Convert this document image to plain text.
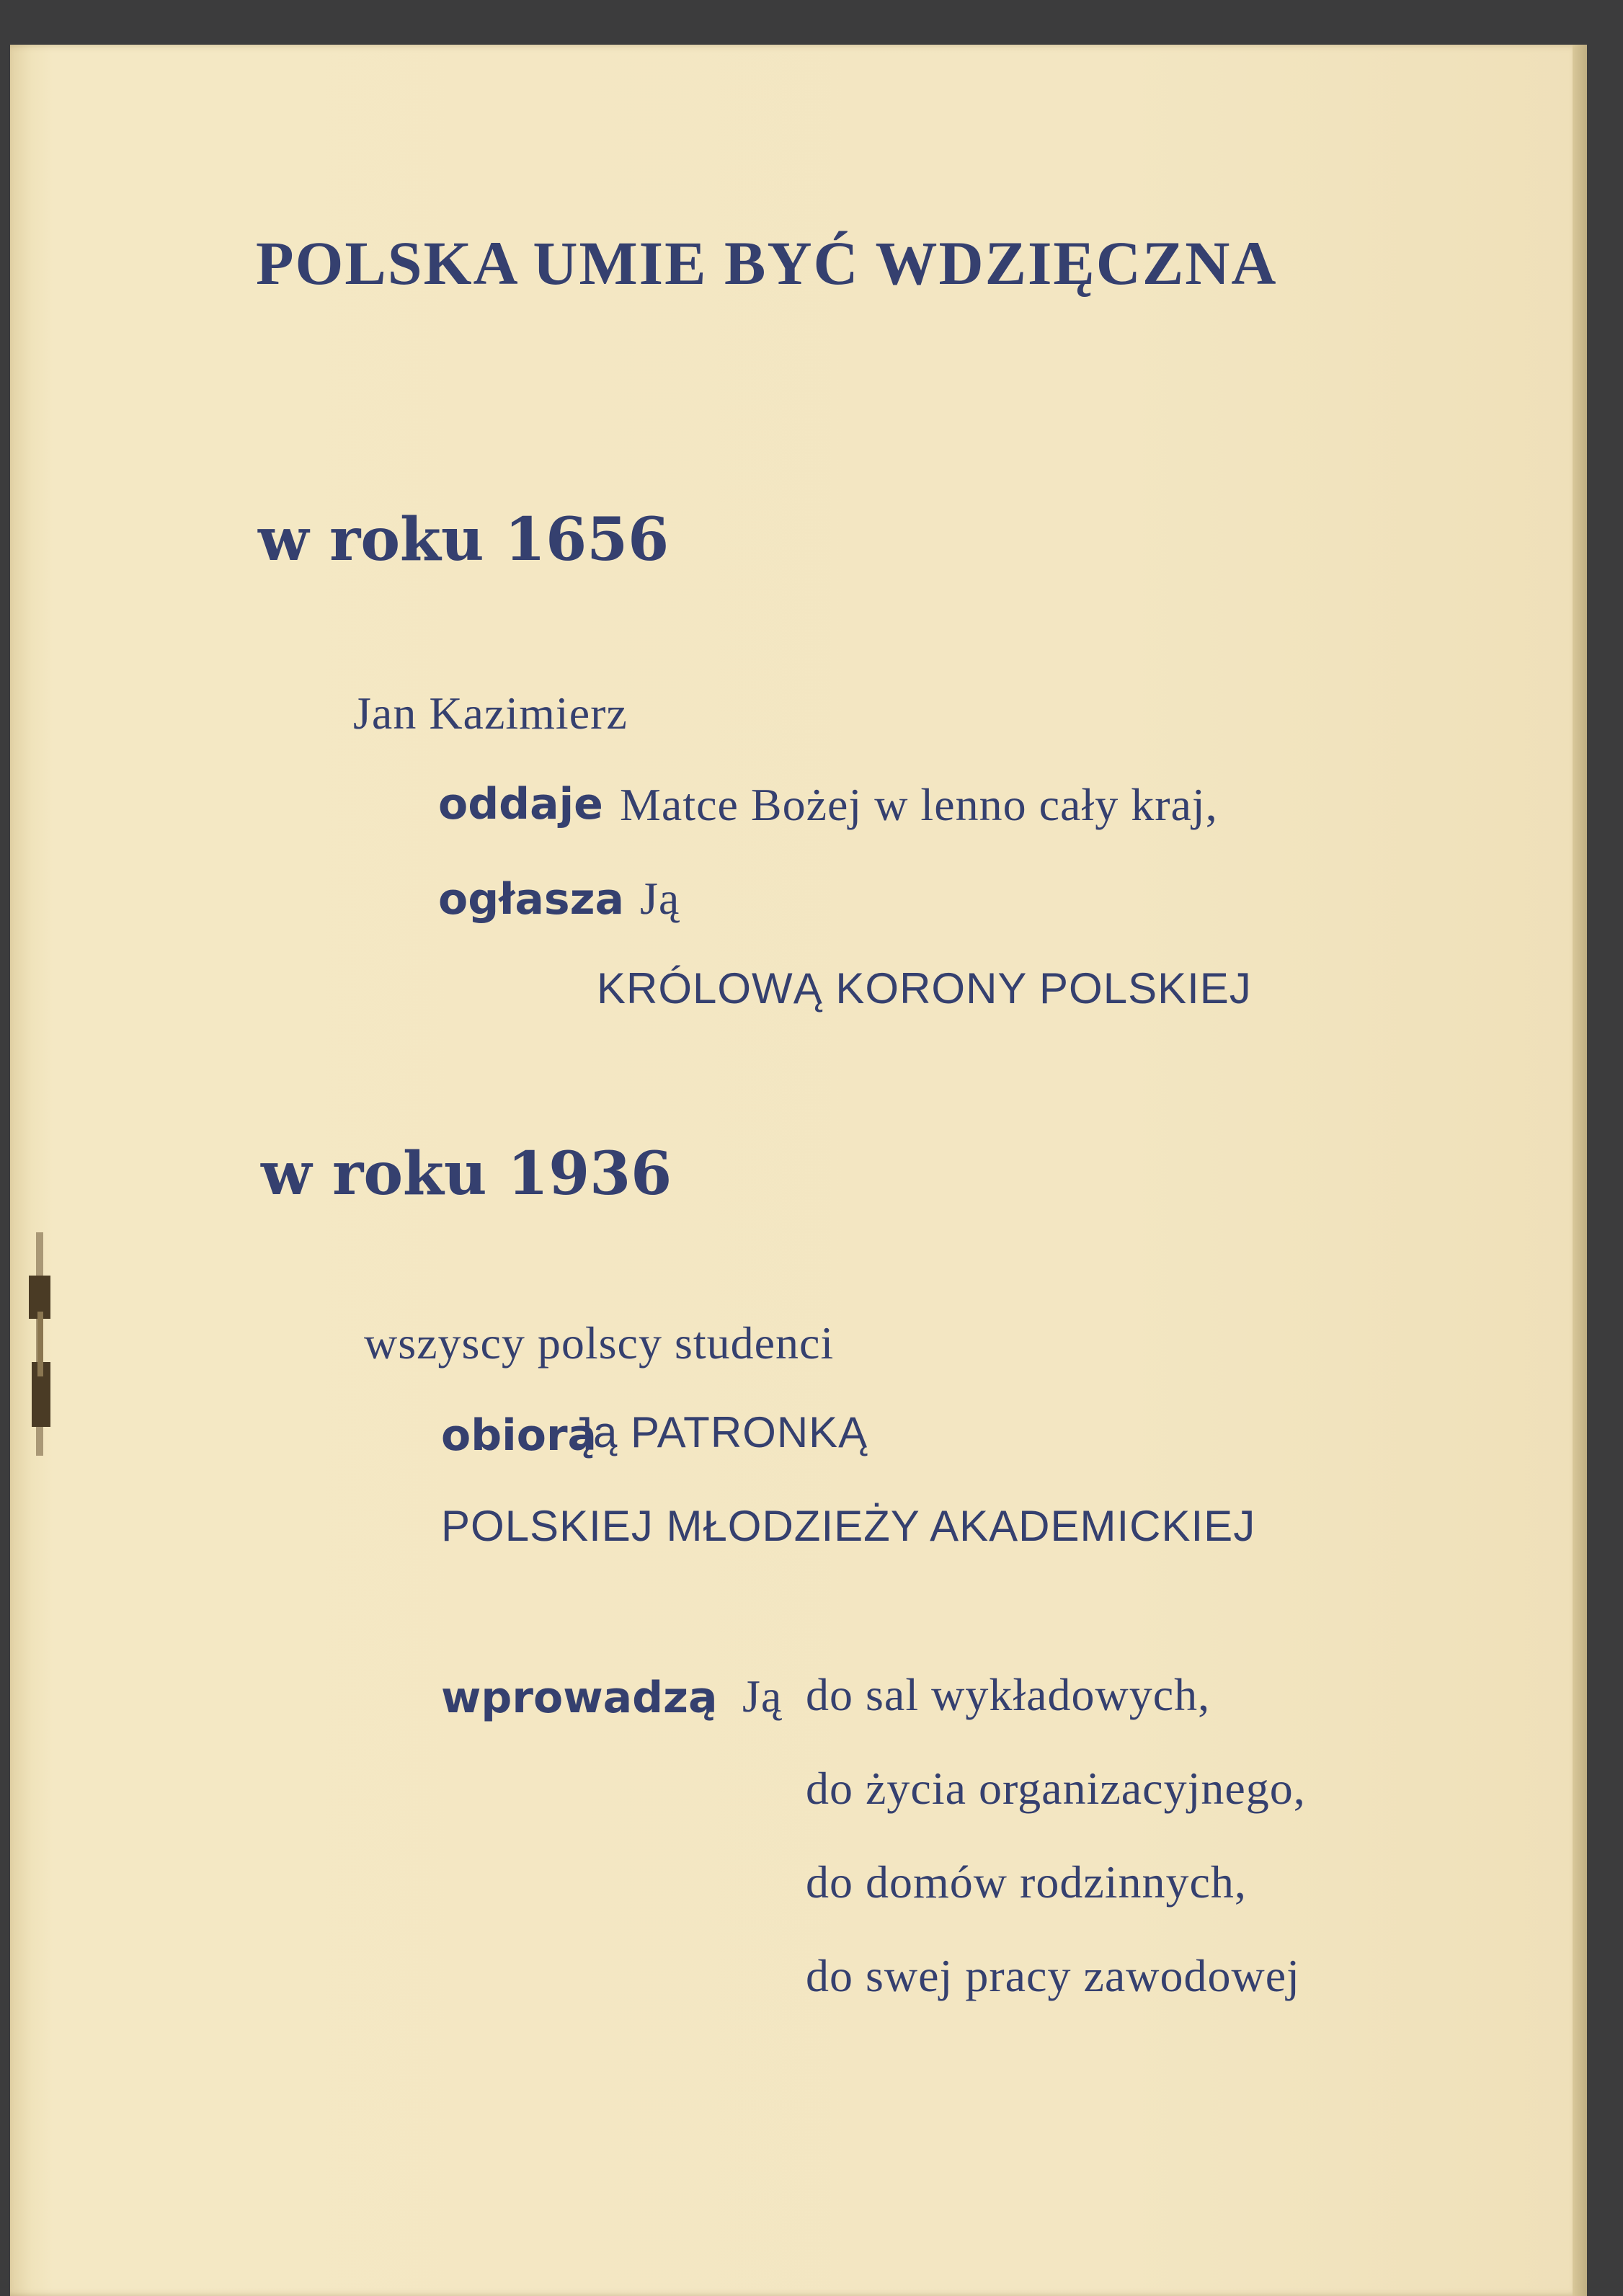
POLSKA UMIE BYĆ WDZIĘCZNA
w roku 1656
Jan Kazimierz
oddaje Matce Bożej w lenno cały kraj,
ogłasza Ją
KRÓLOWĄ KORONY POLSKIEJ
w roku 1936
wszyscy polscy studenci
obiorą
Ją PATRONKĄ
POLSKIEJ MŁODZIEŻY AKADEMICKIEJ
wprowadzą Ją do sal wykładowych,
do życia organizacyjnego,
do domów rodzinnych,
do swej pracy zawodowej
